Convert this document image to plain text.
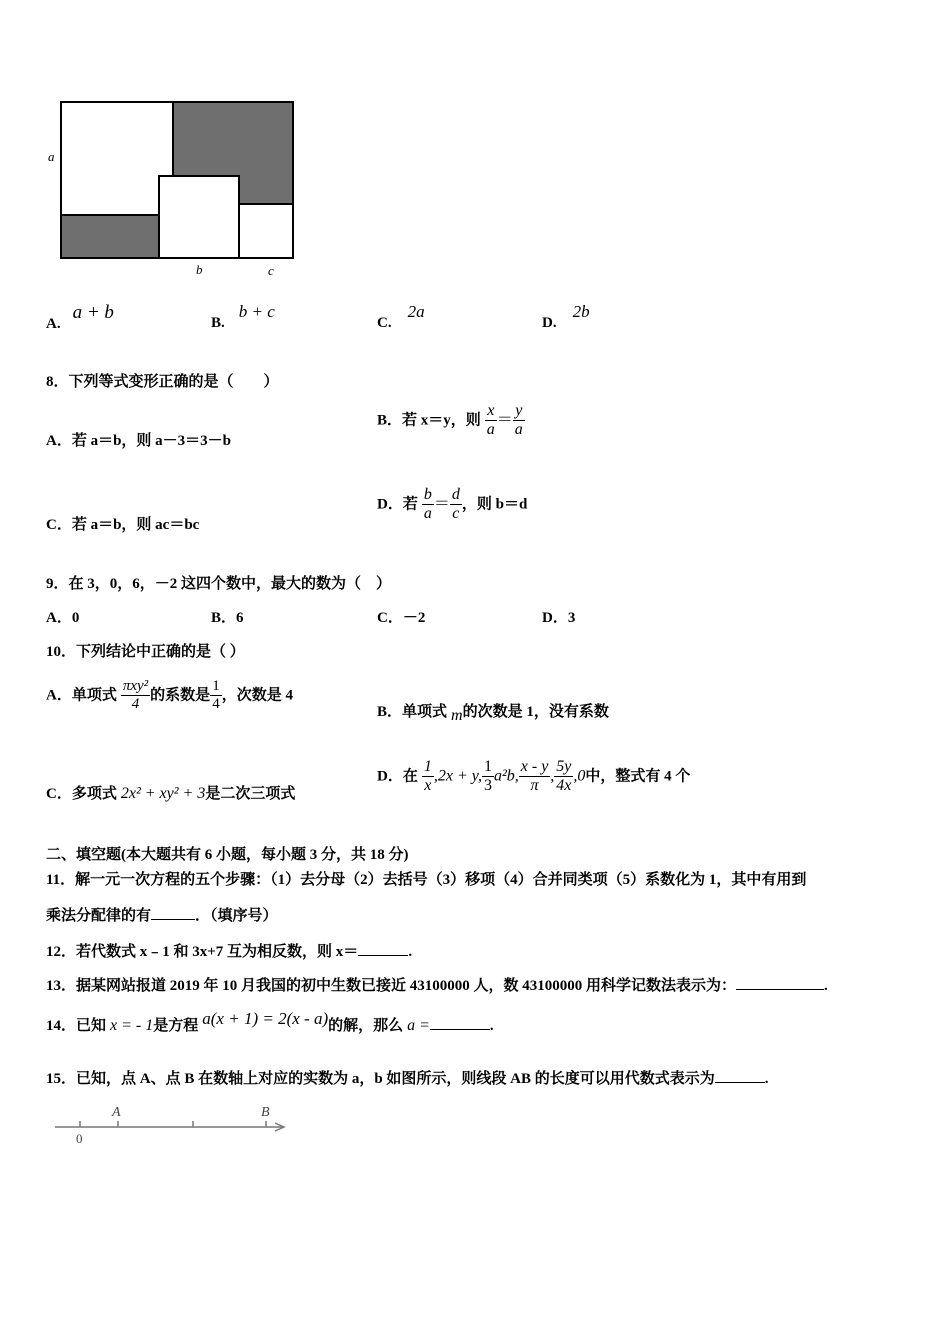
a
b	c
A. a + b	B. b + c
C. 2a
D. 2b
8．下列等式变形正确的是（　　）
A．若 a＝b，则 a－3＝3－b
B．若 x＝y，则 $\frac{x}{a} = \frac{y}{a}$
C．若 a＝b，则 ac＝bc
D．若 $\frac{b}{a} = \frac{d}{c}$ ，则 b＝d
9．在 3，0，6，－2 这四个数中，最大的数为（　）
A．0	B．6	C．－2	D．3
10．下列结论中正确的是（ ）
A．单项式 $\frac{\text{πxy²}}{4}$ 的系数是 $\frac{1}{4}$ ，次数是 4
B．单项式 m的次数是 1，没有系数
C．多项式 2x² + xy² + 3是二次三项式
D．在 $\frac{1}{x} ,2x + y$, $\frac{1}{3} a^2b$, $\frac{x - y}{\pi}$ , $\frac{5y}{4x} ,0$中，整式有 4 个
二、填空题(本大题共有 6 小题，每小题 3 分，共 18 分)
11．解一元一次方程的五个步骤：（1）去分母（2）去括号（3）移项（4）合并同类项（5）系数化为 1，其中有用到
乘法分配律的有	．（填序号）
12．若代数式 x﹣1 和 3x+7 互为相反数，则 x＝	.
13．据某网站报道 2019 年 10 月我国的初中生数已接近 43100000 人，数 43100000 用科学记数法表示为：	.
14．已知 x = - 1是方程 a(x + 1) = 2(x - a)的解，那么 a =	.
15．已知，点 A、点 B 在数轴上对应的实数为 a，b 如图所示，则线段 AB 的长度可以用代数式表示为	.
A	B
0
